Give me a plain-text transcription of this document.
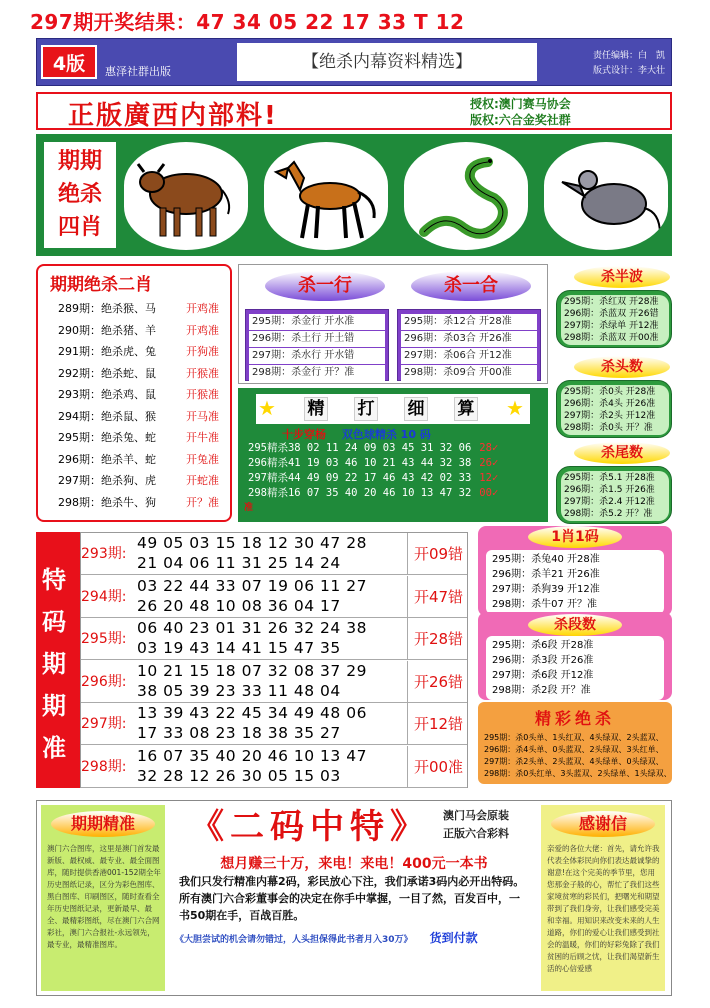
297期开奖结果：47 34 05 22 17 33 T 12
4版	惠泽社群出版	【绝杀内幕资料精选】	责任编辑：白　凯
版式设计：李大壮
正版廣西内部料!	授权:澳门赛马协会
版权:六合金奖社群
期期
绝杀
四肖
期期绝杀二肖
289期：绝杀猴、马	开鸡准
290期：绝杀猪、羊	开鸡准
291期：绝杀虎、兔	开狗准
292期：绝杀蛇、鼠	开猴准
293期：绝杀鸡、鼠	开猴准
294期：绝杀鼠、猴	开马准
295期：绝杀兔、蛇	开牛准
296期：绝杀羊、蛇	开兔准
297期：绝杀狗、虎	开蛇准
298期：绝杀牛、狗	开？准
杀一行	杀一合
295期：杀金行 开水准
296期：杀土行 开土错
297期：杀水行 开水错
298期：杀金行 开？准
295期：杀12合 开28准
296期：杀03合 开26准
297期：杀06合 开12准
298期：杀09合 开00准
★ 精 打 细 算 ★
十步穿杨 双色球精杀 10 码
准
295精杀38 02 11 24 09 03 45 31 32 06 28✓
296精杀41 19 03 46 10 21 43 44 32 38 26✓
297精杀44 49 09 22 17 46 43 42 02 33 12✓
298精杀16 07 35 40 20 46 10 13 47 32 00✓
杀半波
295期：杀红双 开28准
296期：杀蓝双 开26错
297期：杀绿单 开12准
298期：杀蓝双 开00准
杀头数
295期：杀0头 开28准
296期：杀4头 开26准
297期：杀2头 开12准
298期：杀0头 开？准
杀尾数
295期：杀5.1 开28准
296期：杀1.5 开26准
297期：杀2.4 开12准
298期：杀5.2 开？准
特
码
期
期
准
293期:
49 05 03 15 18 12 30 47 28
21 04 06 11 31 25 14 24	开09错
294期:
03 22 44 33 07 19 06 11 27
26 20 48 10 08 36 04 17	开47错
295期:
06 40 23 01 31 26 32 24 38
03 19 43 14 41 15 47 35	开28错
296期:
10 21 15 18 07 32 08 37 29
38 05 39 23 33 11 48 04	开26错
297期:
13 39 43 22 45 34 49 48 06
17 33 08 23 18 38 35 27	开12错
298期:
16 07 35 40 20 46 10 13 47
32 28 12 26 30 05 15 03	开00准
1肖1码
295期：杀兔40 开28准
296期：杀羊21 开26准
297期：杀狗39 开12准
298期：杀牛07 开？准
杀段数
295期：杀6段 开28准
296期：杀3段 开26准
297期：杀6段 开12准
298期：杀2段 开？准
精彩绝杀
295期：杀0头单、1头红双、4头绿双、2头蓝双、
296期：杀4头单、0头蓝双、2头绿双、3头红单、
297期：杀2头单、2头蓝双、4头绿单、0头绿双、
298期：杀0头红单、3头蓝双、2头绿单、1头绿双、
期期精准
澳门六合图库，这里是澳门首发最新版、最权威、最专业、最全面图库，随时提供香港001-152期全年历史图纸记录，区分为彩色图库、黑白图库、印刷图区，随时查看全年历史图纸记录，更新最早、最全、最精彩图纸，尽在澳门六合网彩社，澳门六合报社-永远领先，最专业，最精准图库。
《二码中特》	澳门马会原装
正版六合彩料
想月赚三十万，来电！来电！400元一本书
我们只发行精准内幕2码，彩民放心下注，我们承诺3码内必开出特码。所有澳门六合彩董事会的决定在你手中掌握，一目了然，百发百中，一书50期在手，百战百胜。
《大胆尝试的机会请勿错过，人头担保得此书者月入30万》 货到付款
感谢信
亲爱的各位大佬：首先，请允许我代表全体彩民向你们表达最诚挚的谢意!在这个完美的季节里，您用您那金子般的心，帮忙了我们这些家境贫寒的彩民们，把曙光和期望带到了我们身旁，让我们感受完美和幸福。用知识来改变未来的人生道路，你们的爱心让我们感受到社会的温暖，你们的好彩兔除了我们贫困的后顾之忧，让我们渴望新生活的心信爱感
